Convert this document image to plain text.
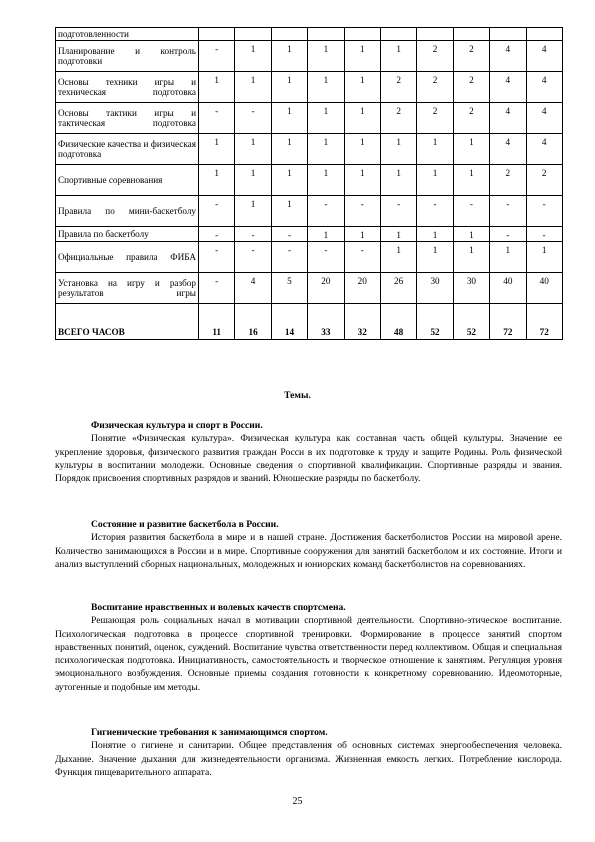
подготовленности										
Планирование и контроль подготовки	-	1	1	1	1	1	2	2	4	4
Основы техники игры и техническая подготовка	1	1	1	1	1	2	2	2	4	4
Основы тактики игры и тактическая подготовка	-	-	1	1	1	2	2	2	4	4
Физические качества и физическая подготовка	1	1	1	1	1	1	1	1	4	4
Спортивные соревнования	1	1	1	1	1	1	1	1	2	2
Правила по мини-баскетболу	-	1	1	-	-	-	-	-	-	-
Правила по баскетболу	-	-	-	1	1	1	1	1	-	-
Официальные правила ФИБА	-	-	-	-	-	1	1	1	1	1
Установка на игру и разбор результатов игры	-	4	5	20	20	26	30	30	40	40
ВСЕГО ЧАСОВ	11	16	14	33	32	48	52	52	72	72
Темы.
Физическая культура и спорт в России.

Понятие «Физическая культура». Физическая культура как составная часть общей культуры. Значение ее укрепление здоровья, физического развития граждан Росси в их подготовке к труду и защите Родины. Роль физической культуры в воспитании молодежи. Основные сведения о спортивной квалификации. Спортивные разряды и звания. Порядок присвоения спортивных разрядов и званий. Юношеские разряды по баскетболу.

Состояние и развитие баскетбола в России.

История развития баскетбола в мире и в нашей стране. Достижения баскетболистов России на мировой арене. Количество занимающихся в России и в мире. Спортивные сооружения для занятий баскетболом и их состояние. Итоги и анализ выступлений сборных национальных, молодежных и юниорских команд баскетболистов на соревнованиях.

Воспитание нравственных и волевых качеств спортсмена.

Решающая роль социальных начал в мотивации спортивной деятельности. Спортивно-этическое воспитание. Психологическая подготовка в процессе спортивной тренировки. Формирование в процессе занятий спортом нравственных понятий, оценок, суждений. Воспитание чувства ответственности перед коллективом. Общая и специальная психологическая подготовка. Инициативность, самостоятельность и творческое отношение к занятиям. Регуляция уровня эмоционального возбуждения. Основные приемы создания готовности к конкретному соревнованию. Идеомоторные, аутогенные и подобные им методы.

Гигиенические требования к занимающимся спортом.

Понятие о гигиене и санитарии. Общее представления об основных системах энергообеспечения человека. Дыхание. Значение дыхания для жизнедеятельности организма. Жизненная емкость легких. Потребление кислорода. Функция пищеварительного аппарата.

25
